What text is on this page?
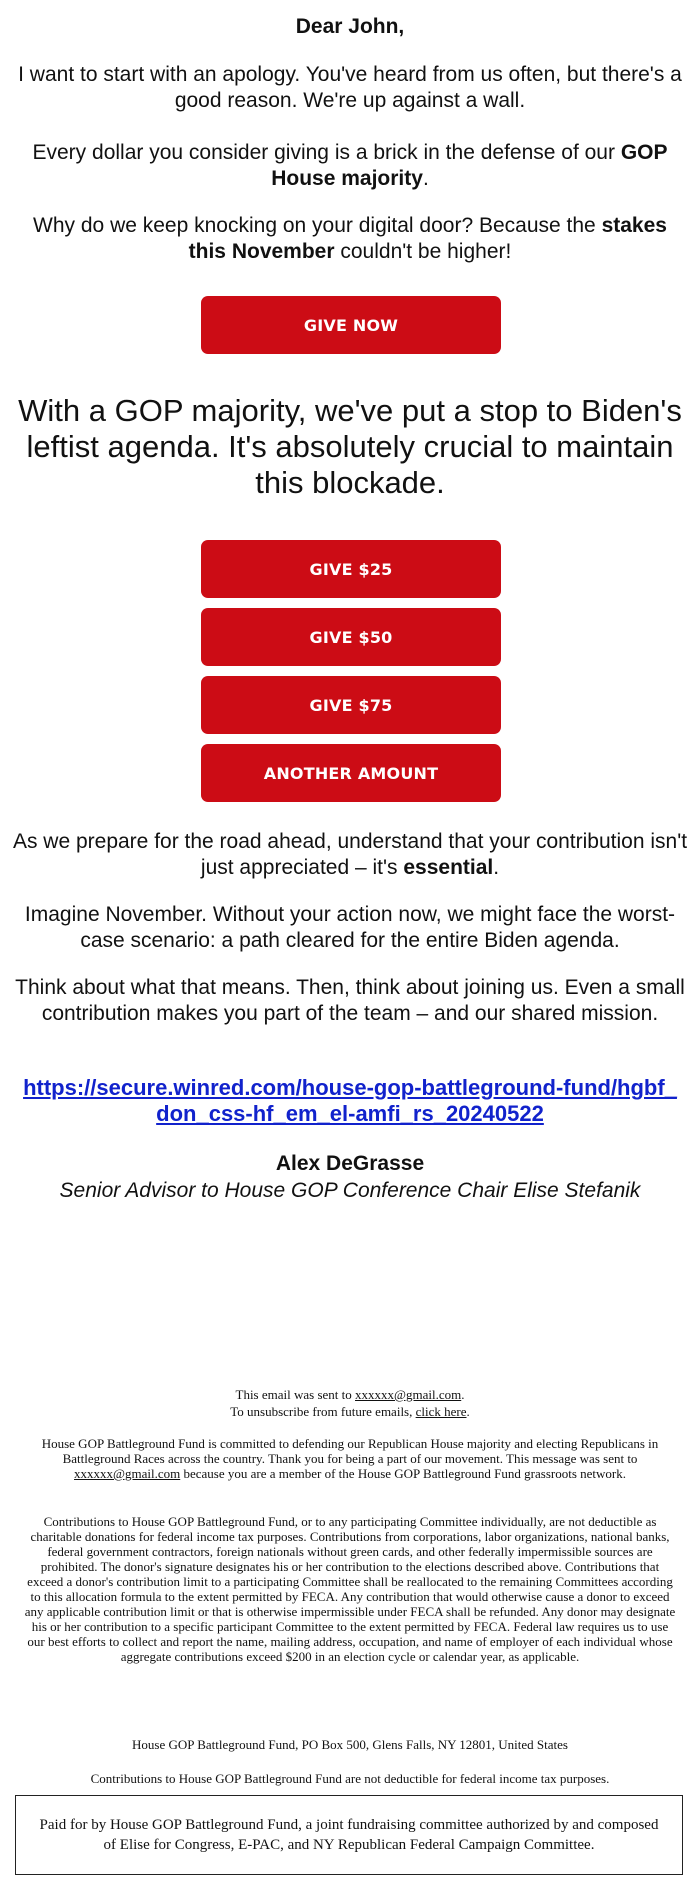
Dear John,

I want to start with an apology. You've heard from us often, but there's a good reason. We're up against a wall.

Every dollar you consider giving is a brick in the defense of our GOP House majority.

Why do we keep knocking on your digital door? Because the stakes this November couldn't be higher!

GIVE NOW

With a GOP majority, we've put a stop to Biden's leftist agenda. It's absolutely crucial to maintain this blockade.

GIVE $25
GIVE $50
GIVE $75
ANOTHER AMOUNT

As we prepare for the road ahead, understand that your contribution isn't just appreciated – it's essential.

Imagine November. Without your action now, we might face the worst-case scenario: a path cleared for the entire Biden agenda.

Think about what that means. Then, think about joining us. Even a small contribution makes you part of the team – and our shared mission.

https://secure.winred.com/house-gop-battleground-fund/hgbf_don_css-hf_em_el-amfi_rs_20240522

Alex DeGrasse

Senior Advisor to House GOP Conference Chair Elise Stefanik

This email was sent to xxxxxx@gmail.com.

To unsubscribe from future emails, click here.

House GOP Battleground Fund is committed to defending our Republican House majority and electing Republicans in Battleground Races across the country. Thank you for being a part of our movement. This message was sent to xxxxxx@gmail.com because you are a member of the House GOP Battleground Fund grassroots network.

Contributions to House GOP Battleground Fund, or to any participating Committee individually, are not deductible as charitable donations for federal income tax purposes. Contributions from corporations, labor organizations, national banks, federal government contractors, foreign nationals without green cards, and other federally impermissible sources are prohibited. The donor's signature designates his or her contribution to the elections described above. Contributions that exceed a donor's contribution limit to a participating Committee shall be reallocated to the remaining Committees according to this allocation formula to the extent permitted by FECA. Any contribution that would otherwise cause a donor to exceed any applicable contribution limit or that is otherwise impermissible under FECA shall be refunded. Any donor may designate his or her contribution to a specific participant Committee to the extent permitted by FECA. Federal law requires us to use our best efforts to collect and report the name, mailing address, occupation, and name of employer of each individual whose aggregate contributions exceed $200 in an election cycle or calendar year, as applicable.

House GOP Battleground Fund, PO Box 500, Glens Falls, NY 12801, United States

Contributions to House GOP Battleground Fund are not deductible for federal income tax purposes.

Paid for by House GOP Battleground Fund, a joint fundraising committee authorized by and composed of Elise for Congress, E-PAC, and NY Republican Federal Campaign Committee.
